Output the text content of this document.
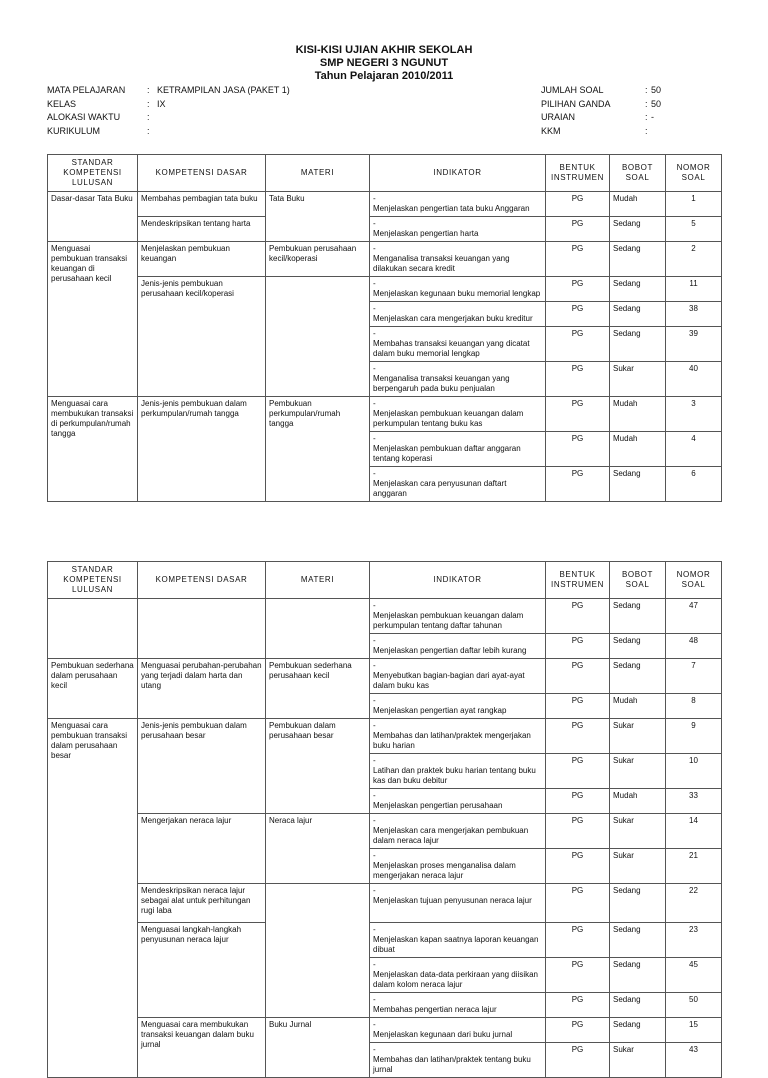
KISI-KISI UJIAN AKHIR SEKOLAH
SMP NEGERI 3 NGUNUT
Tahun Pelajaran 2010/2011
MATA PELAJARAN	: KETRAMPILAN JASA (PAKET 1)
KELAS	: IX
ALOKASI WAKTU	:
KURIKULUM	:
JUMLAH SOAL	: 50
PILIHAN GANDA	: 50
URAIAN	: -
KKM	:
STANDAR KOMPETENSI LULUSAN	KOMPETENSI DASAR	MATERI	INDIKATOR	BENTUK INSTRUMEN	BOBOT SOAL	NOMOR SOAL
Dasar-dasar Tata Buku	Membahas pembagian tata buku	Tata Buku	-Menjelaskan pengertian tata buku Anggaran	PG	Mudah	1
	Mendeskripsikan tentang harta		-Menjelaskan pengertian harta	PG	Sedang	5
Menguasai pembukuan transaksi keuangan di perusahaan kecil	Menjelaskan pembukuan keuangan	Pembukuan perusahaan kecil/koperasi	-Menganalisa transaksi keuangan yang dilakukan secara kredit	PG	Sedang	2
	Jenis-jenis pembukuan perusahaan kecil/koperasi		-Menjelaskan kegunaan buku memorial lengkap	PG	Sedang	11
			-Menjelaskan cara mengerjakan buku kreditur	PG	Sedang	38
			-Membahas transaksi keuangan yang dicatat dalam buku memorial lengkap	PG	Sedang	39
			-Menganalisa transaksi keuangan yang berpengaruh pada buku penjualan	PG	Sukar	40
Menguasai cara membukukan transaksi di perkumpulan/rumah tangga	Jenis-jenis pembukuan dalam perkumpulan/rumah tangga	Pembukuan perkumpulan/rumah tangga	-Menjelaskan pembukuan keuangan dalam perkumpulan tentang buku kas	PG	Mudah	3
			-Menjelaskan pembukuan daftar anggaran tentang koperasi	PG	Mudah	4
			-Menjelaskan cara penyusunan daftart anggaran	PG	Sedang	6
STANDAR KOMPETENSI LULUSAN	KOMPETENSI DASAR	MATERI	INDIKATOR	BENTUK INSTRUMEN	BOBOT SOAL	NOMOR SOAL
			-Menjelaskan pembukuan keuangan dalam perkumpulan tentang daftar tahunan	PG	Sedang	47
			-Menjelaskan pengertian daftar lebih kurang	PG	Sedang	48
Pembukuan sederhana dalam perusahaan kecil	Menguasai perubahan-perubahan yang terjadi dalam harta dan utang	Pembukuan sederhana perusahaan kecil	-Menyebutkan bagian-bagian dari ayat-ayat dalam buku kas	PG	Sedang	7
			-Menjelaskan pengertian ayat rangkap	PG	Mudah	8
Menguasai cara pembukuan transaksi dalam perusahaan besar	Jenis-jenis pembukuan dalam perusahaan besar	Pembukuan dalam perusahaan besar	-Membahas dan latihan/praktek mengerjakan buku harian	PG	Sukar	9
			-Latihan dan praktek buku harian tentang buku kas dan buku debitur	PG	Sukar	10
			-Menjelaskan pengertian perusahaan	PG	Mudah	33
	Mengerjakan neraca lajur	Neraca lajur	-Menjelaskan cara mengerjakan pembukuan dalam neraca lajur	PG	Sukar	14
			-Menjelaskan proses menganalisa dalam mengerjakan neraca lajur	PG	Sukar	21
	Mendeskripsikan neraca lajur sebagai alat untuk perhitungan rugi laba		-Menjelaskan tujuan penyusunan neraca lajur	PG	Sedang	22
	Menguasai langkah-langkah penyusunan neraca lajur		-Menjelaskan kapan saatnya laporan keuangan dibuat	PG	Sedang	23
			-Menjelaskan data-data perkiraan yang diisikan dalam kolom neraca lajur	PG	Sedang	45
			-Membahas pengertian neraca lajur	PG	Sedang	50
	Menguasai cara membukukan transaksi keuangan dalam buku jurnal	Buku Jurnal	-Menjelaskan kegunaan dari buku jurnal	PG	Sedang	15
			-Membahas dan latihan/praktek tentang buku jurnal	PG	Sukar	43
